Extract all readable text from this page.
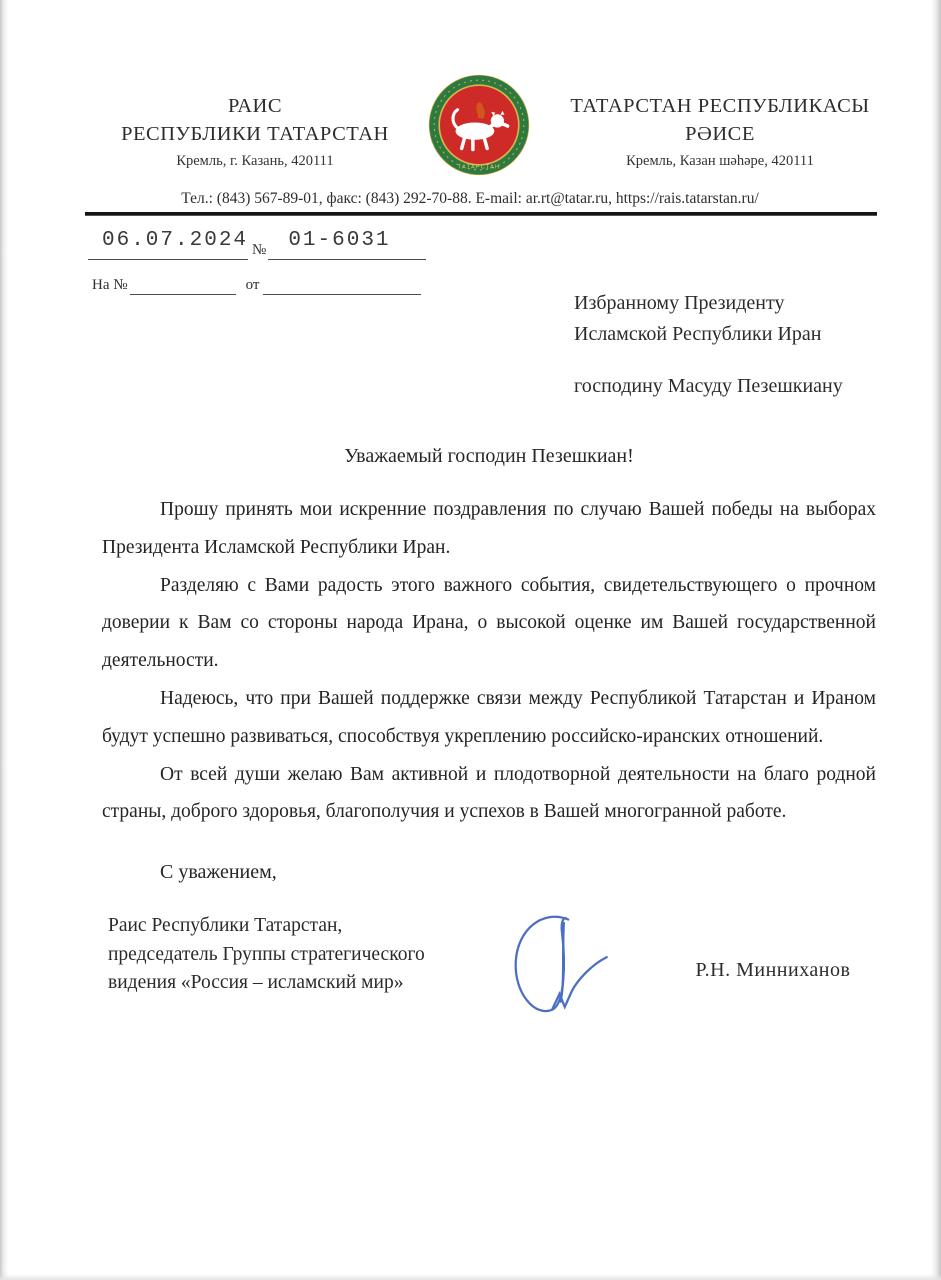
РАИС
РЕСПУБЛИКИ ТАТАРСТАН
Кремль, г. Казань, 420111	ТАТАРСТАН
ТАТАРСТАН РЕСПУБЛИКАСЫ
РӘИСЕ
Кремль, Казан шәһәре, 420111
Тел.: (843) 567-89-01, факс: (843) 292-70-88. E-mail: ar.rt@tatar.ru, https://rais.tatarstan.ru/
06.07.2024 № 01-6031
На №	от
Избранному Президенту
Исламской Республики Иран
господину Масуду Пезешкиану

Уважаемый господин Пезешкиан!

Прошу принять мои искренние поздравления по случаю Вашей победы на выборах Президента Исламской Республики Иран.

Разделяю с Вами радость этого важного события, свидетельствующего о прочном доверии к Вам со стороны народа Ирана, о высокой оценке им Вашей государственной деятельности.

Надеюсь, что при Вашей поддержке связи между Республикой Татарстан и Ираном будут успешно развиваться, способствуя укреплению российско-иранских отношений.

От всей души желаю Вам активной и плодотворной деятельности на благо родной страны, доброго здоровья, благополучия и успехов в Вашей многогранной работе.

С уважением,

Раис Республики Татарстан,
председатель Группы стратегического
видения «Россия – исламский мир»
Р.Н. Минниханов
